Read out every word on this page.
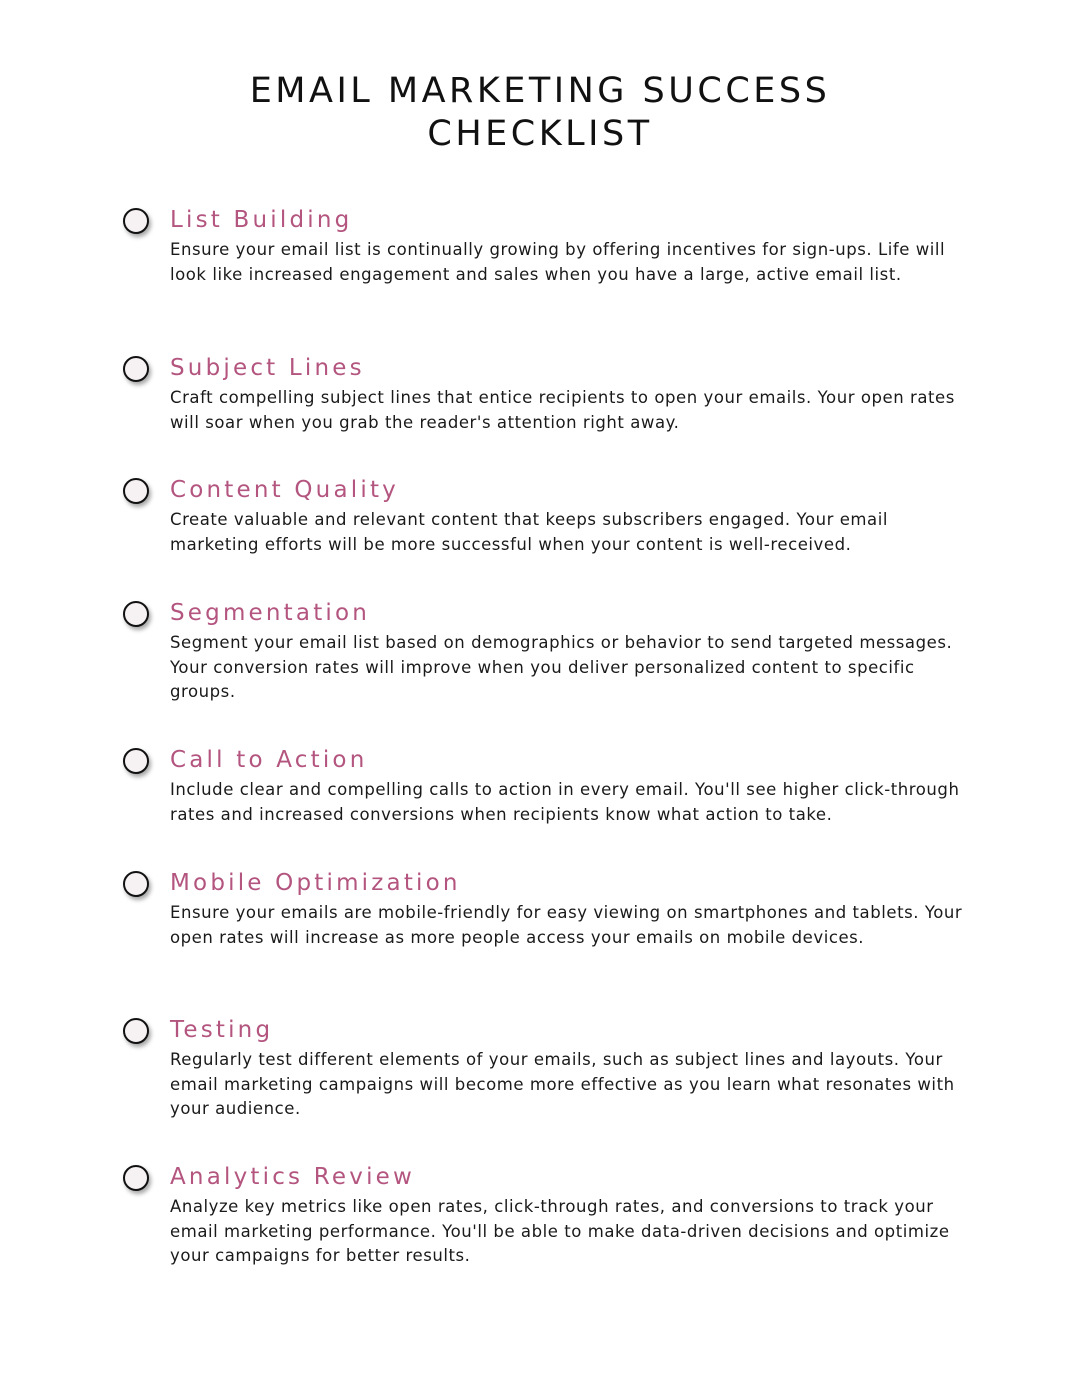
EMAIL MARKETING SUCCESS
CHECKLIST
List Building

Ensure your email list is continually growing by offering incentives for sign-ups. Life will look like increased engagement and sales when you have a large, active email list.

Subject Lines

Craft compelling subject lines that entice recipients to open your emails. Your open rates will soar when you grab the reader's attention right away.

Content Quality

Create valuable and relevant content that keeps subscribers engaged. Your email marketing efforts will be more successful when your content is well-received.

Segmentation

Segment your email list based on demographics or behavior to send targeted messages. Your conversion rates will improve when you deliver personalized content to specific groups.

Call to Action

Include clear and compelling calls to action in every email. You'll see higher click-through rates and increased conversions when recipients know what action to take.

Mobile Optimization

Ensure your emails are mobile-friendly for easy viewing on smartphones and tablets. Your open rates will increase as more people access your emails on mobile devices.

Testing

Regularly test different elements of your emails, such as subject lines and layouts. Your email marketing campaigns will become more effective as you learn what resonates with your audience.

Analytics Review

Analyze key metrics like open rates, click-through rates, and conversions to track your email marketing performance. You'll be able to make data-driven decisions and optimize your campaigns for better results.
